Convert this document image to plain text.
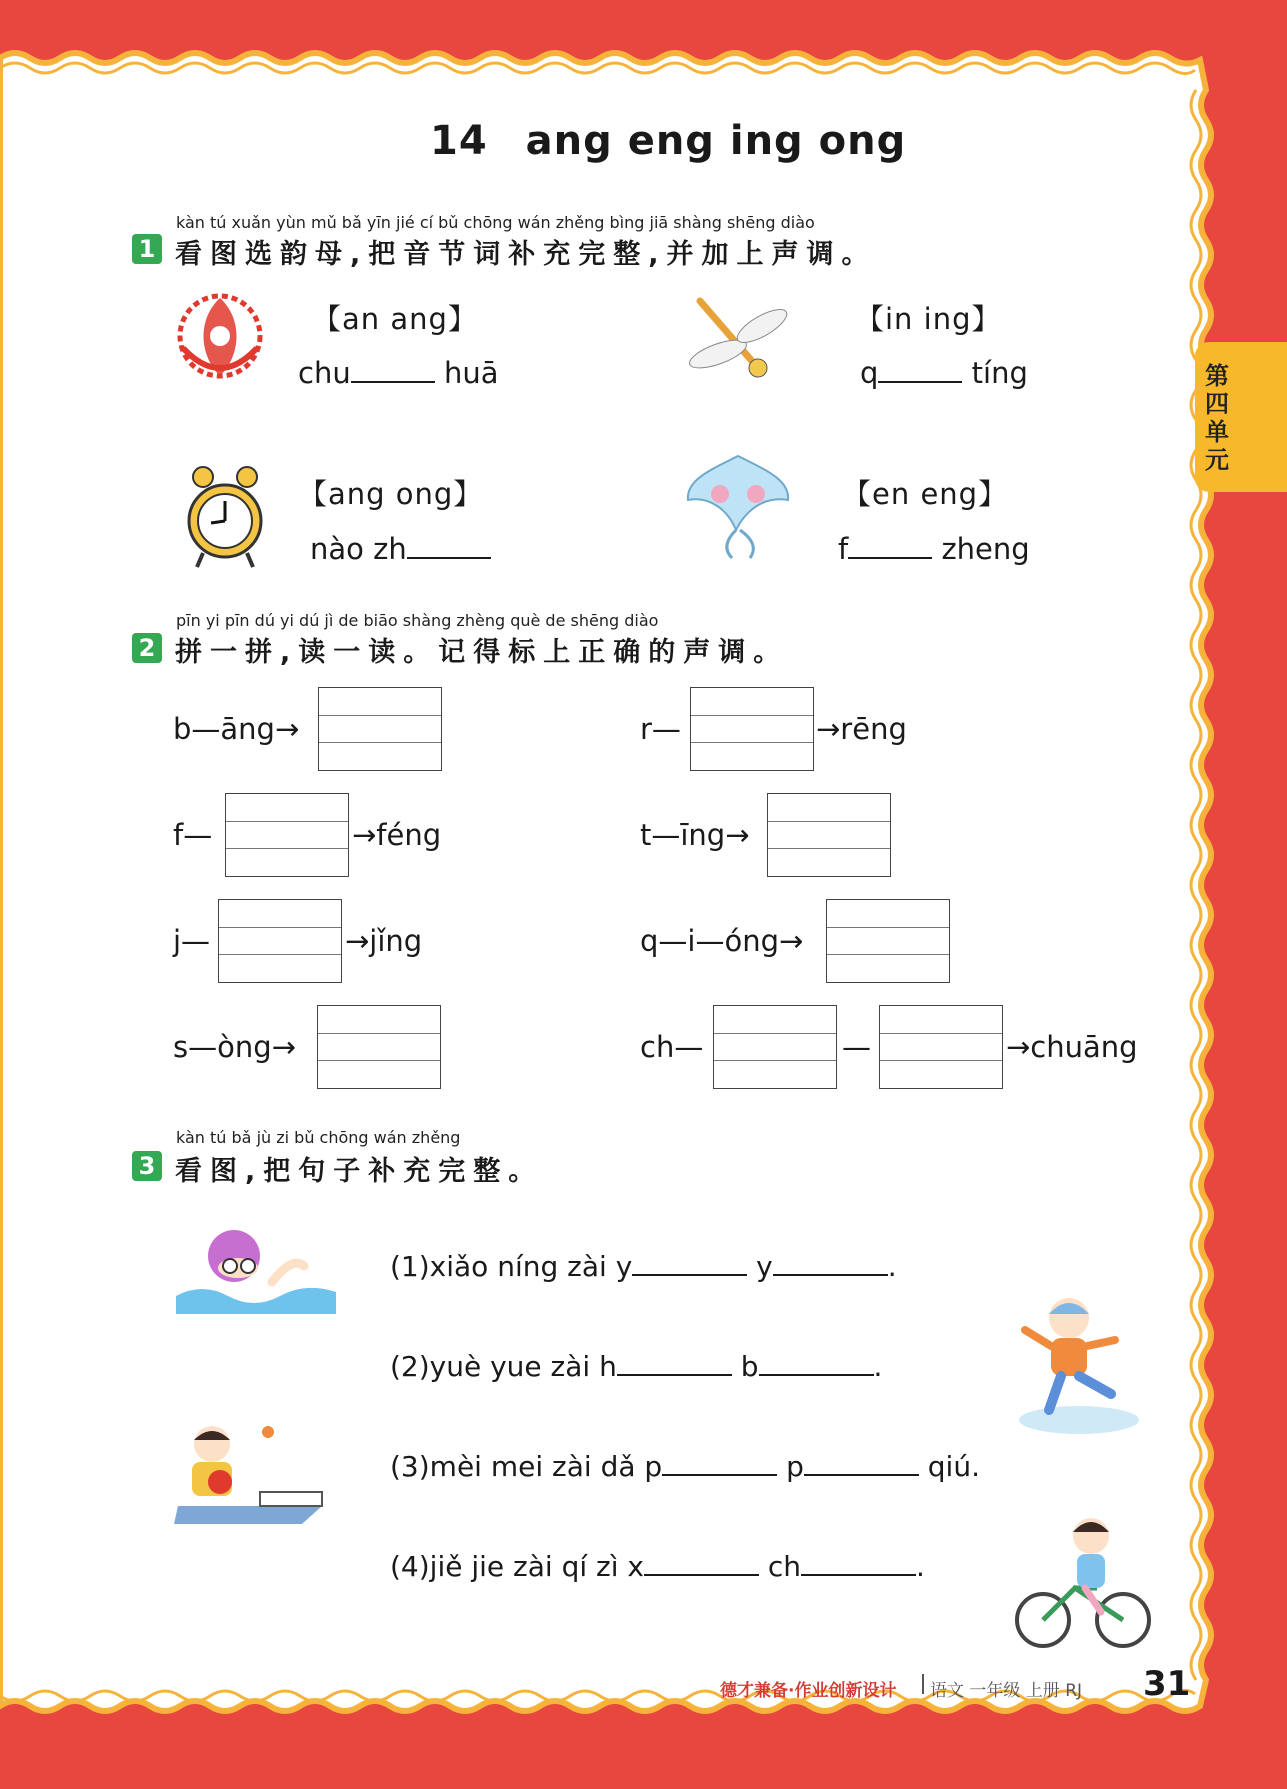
14 ang eng ing ong
第四单元
kàn tú xuǎn yùn mǔ bǎ yīn jié cí bǔ chōng wán zhěng bìng jiā shàng shēng diào
1 看图选韵母,把音节词补充完整,并加上声调。
【an ang】
chu	huā
【in ing】
q	tíng
【ang ong】
nào zh
【en eng】
f	zheng
pīn yi pīn dú yi dú jì de biāo shàng zhèng què de shēng diào
2 拼一拼,读一读。记得标上正确的声调。
b—āng→	r—	→rēng
f—	→féng	t—īng→
j—	→jǐng	q—i—óng→
s—òng→	ch—	—	→chuāng
kàn tú bǎ jù zi bǔ chōng wán zhěng
3 看图,把句子补充完整。
(1)xiǎo níng zài y	y	.
(2)yuè yue zài h	b	.
(3)mèi mei zài dǎ p	p	qiú.
(4)jiě jie zài qí zì x	ch	.
德才兼备·作业创新设计 语文 一年级 上册 RJ 31
